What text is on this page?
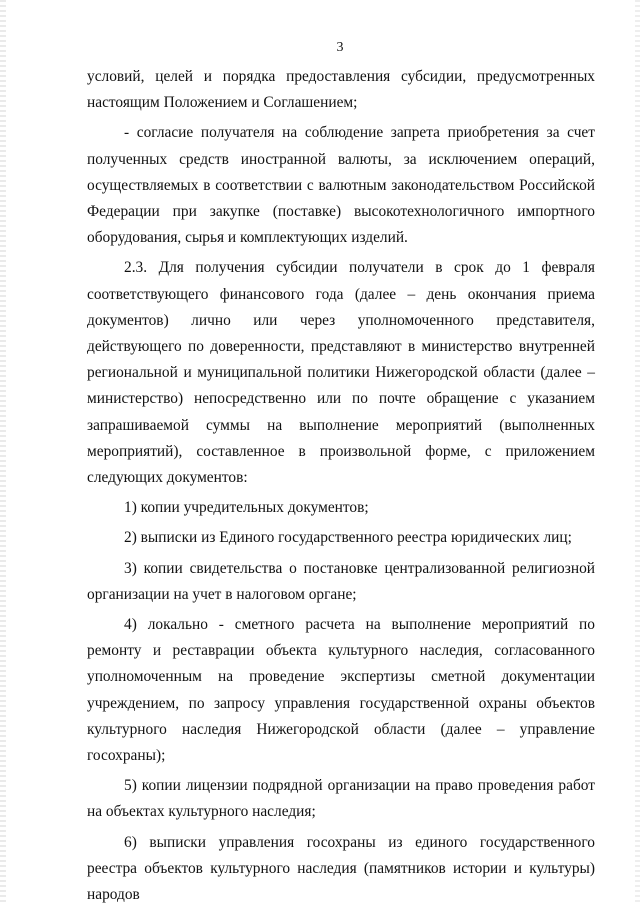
3

условий, целей и порядка предоставления субсидии, предусмотренных настоящим Положением и Соглашением;

- согласие получателя на соблюдение запрета приобретения за счет полученных средств иностранной валюты, за исключением операций, осуществляемых в соответствии с валютным законодательством Российской Федерации при закупке (поставке) высокотехнологичного импортного оборудования, сырья и комплектующих изделий.

2.3. Для получения субсидии получатели в срок до 1 февраля соответствующего финансового года (далее – день окончания приема документов) лично или через уполномоченного представителя, действующего по доверенности, представляют в министерство внутренней региональной и муниципальной политики Нижегородской области (далее – министерство) непосредственно или по почте обращение с указанием запрашиваемой суммы на выполнение мероприятий (выполненных мероприятий), составленное в произвольной форме, с приложением следующих документов:

1) копии учредительных документов;

2) выписки из Единого государственного реестра юридических лиц;

3) копии свидетельства о постановке централизованной религиозной организации на учет в налоговом органе;

4) локально - сметного расчета на выполнение мероприятий по ремонту и реставрации объекта культурного наследия, согласованного уполномоченным на проведение экспертизы сметной документации учреждением, по запросу управления государственной охраны объектов культурного наследия Нижегородской области (далее – управление госохраны);

5) копии лицензии подрядной организации на право проведения работ на объектах культурного наследия;

6) выписки управления госохраны из единого государственного реестра объектов культурного наследия (памятников истории и культуры) народов
